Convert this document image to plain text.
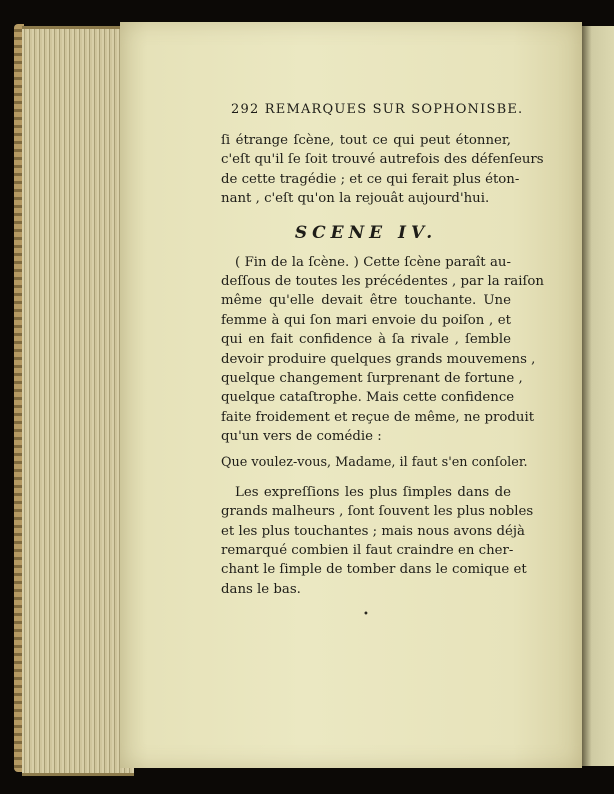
292 REMARQUES SUR SOPHONISBE.
ſi étrange ſcène, tout ce qui peut étonner,
c'eſt qu'il ſe ſoit trouvé autrefois des défenſeurs
de cette tragédie ; et ce qui ferait plus éton-
nant , c'eſt qu'on la rejouât aujourd'hui.
SCENE IV.
( Fin de la ſcène. ) Cette ſcène paraît au-
deſſous de toutes les précédentes , par la raiſon
même qu'elle devait être touchante. Une
femme à qui ſon mari envoie du poiſon , et
qui en fait confidence à ſa rivale , ſemble
devoir produire quelques grands mouvemens ,
quelque changement ſurprenant de fortune ,
quelque cataſtrophe. Mais cette confidence
faite froidement et reçue de même, ne produit
qu'un vers de comédie :
Que voulez-vous, Madame, il faut s'en conſoler.
Les expreſſions les plus ſimples dans de
grands malheurs , ſont ſouvent les plus nobles
et les plus touchantes ; mais nous avons déjà
remarqué combien il faut craindre en cher-
chant le ſimple de tomber dans le comique et
dans le bas.
•
